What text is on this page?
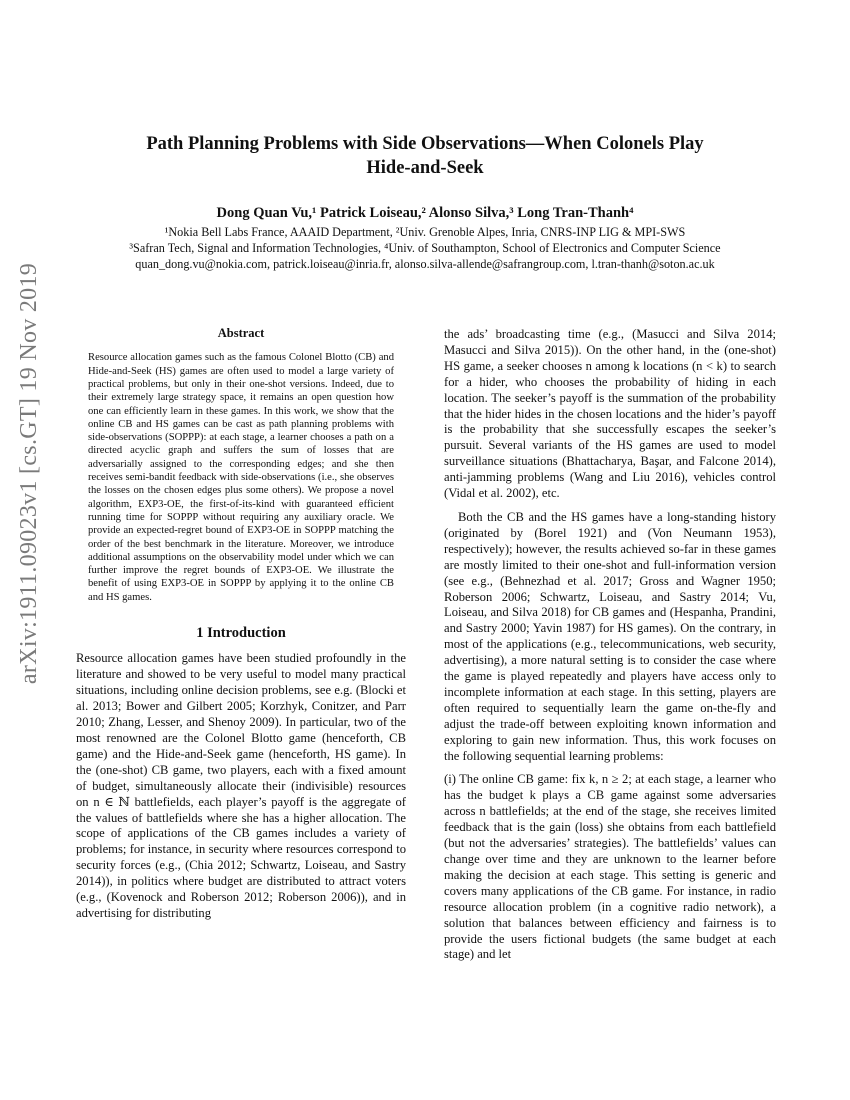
arXiv:1911.09023v1 [cs.GT] 19 Nov 2019
Path Planning Problems with Side Observations—When Colonels Play
Hide-and-Seek
Dong Quan Vu,¹ Patrick Loiseau,² Alonso Silva,³ Long Tran-Thanh⁴
¹Nokia Bell Labs France, AAAID Department, ²Univ. Grenoble Alpes, Inria, CNRS-INP LIG & MPI-SWS
³Safran Tech, Signal and Information Technologies, ⁴Univ. of Southampton, School of Electronics and Computer Science
quan_dong.vu@nokia.com, patrick.loiseau@inria.fr, alonso.silva-allende@safrangroup.com, l.tran-thanh@soton.ac.uk
Abstract

Resource allocation games such as the famous Colonel Blotto (CB) and Hide-and-Seek (HS) games are often used to model a large variety of practical problems, but only in their one-shot versions. Indeed, due to their extremely large strategy space, it remains an open question how one can efficiently learn in these games. In this work, we show that the online CB and HS games can be cast as path planning problems with side-observations (SOPPP): at each stage, a learner chooses a path on a directed acyclic graph and suffers the sum of losses that are adversarially assigned to the corresponding edges; and she then receives semi-bandit feedback with side-observations (i.e., she observes the losses on the chosen edges plus some others). We propose a novel algorithm, EXP3-OE, the first-of-its-kind with guaranteed efficient running time for SOPPP without requiring any auxiliary oracle. We provide an expected-regret bound of EXP3-OE in SOPPP matching the order of the best benchmark in the literature. Moreover, we introduce additional assumptions on the observability model under which we can further improve the regret bounds of EXP3-OE. We illustrate the benefit of using EXP3-OE in SOPPP by applying it to the online CB and HS games.

1 Introduction

Resource allocation games have been studied profoundly in the literature and showed to be very useful to model many practical situations, including online decision problems, see e.g. (Blocki et al. 2013; Bower and Gilbert 2005; Korzhyk, Conitzer, and Parr 2010; Zhang, Lesser, and Shenoy 2009). In particular, two of the most renowned are the Colonel Blotto game (henceforth, CB game) and the Hide-and-Seek game (henceforth, HS game). In the (one-shot) CB game, two players, each with a fixed amount of budget, simultaneously allocate their (indivisible) resources on n ∈ ℕ battlefields, each player’s payoff is the aggregate of the values of battlefields where she has a higher allocation. The scope of applications of the CB games includes a variety of problems; for instance, in security where resources correspond to security forces (e.g., (Chia 2012; Schwartz, Loiseau, and Sastry 2014)), in politics where budget are distributed to attract voters (e.g., (Kovenock and Roberson 2012; Roberson 2006)), and in advertising for distributing

the ads’ broadcasting time (e.g., (Masucci and Silva 2014; Masucci and Silva 2015)). On the other hand, in the (one-shot) HS game, a seeker chooses n among k locations (n < k) to search for a hider, who chooses the probability of hiding in each location. The seeker’s payoff is the summation of the probability that the hider hides in the chosen locations and the hider’s payoff is the probability that she successfully escapes the seeker’s pursuit. Several variants of the HS games are used to model surveillance situations (Bhattacharya, Başar, and Falcone 2014), anti-jamming problems (Wang and Liu 2016), vehicles control (Vidal et al. 2002), etc.

Both the CB and the HS games have a long-standing history (originated by (Borel 1921) and (Von Neumann 1953), respectively); however, the results achieved so-far in these games are mostly limited to their one-shot and full-information version (see e.g., (Behnezhad et al. 2017; Gross and Wagner 1950; Roberson 2006; Schwartz, Loiseau, and Sastry 2014; Vu, Loiseau, and Silva 2018) for CB games and (Hespanha, Prandini, and Sastry 2000; Yavin 1987) for HS games). On the contrary, in most of the applications (e.g., telecommunications, web security, advertising), a more natural setting is to consider the case where the game is played repeatedly and players have access only to incomplete information at each stage. In this setting, players are often required to sequentially learn the game on-the-fly and adjust the trade-off between exploiting known information and exploring to gain new information. Thus, this work focuses on the following sequential learning problems:

(i) The online CB game: fix k, n ≥ 2; at each stage, a learner who has the budget k plays a CB game against some adversaries across n battlefields; at the end of the stage, she receives limited feedback that is the gain (loss) she obtains from each battlefield (but not the adversaries’ strategies). The battlefields’ values can change over time and they are unknown to the learner before making the decision at each stage. This setting is generic and covers many applications of the CB game. For instance, in radio resource allocation problem (in a cognitive radio network), a solution that balances between efficiency and fairness is to provide the users fictional budgets (the same budget at each stage) and let
